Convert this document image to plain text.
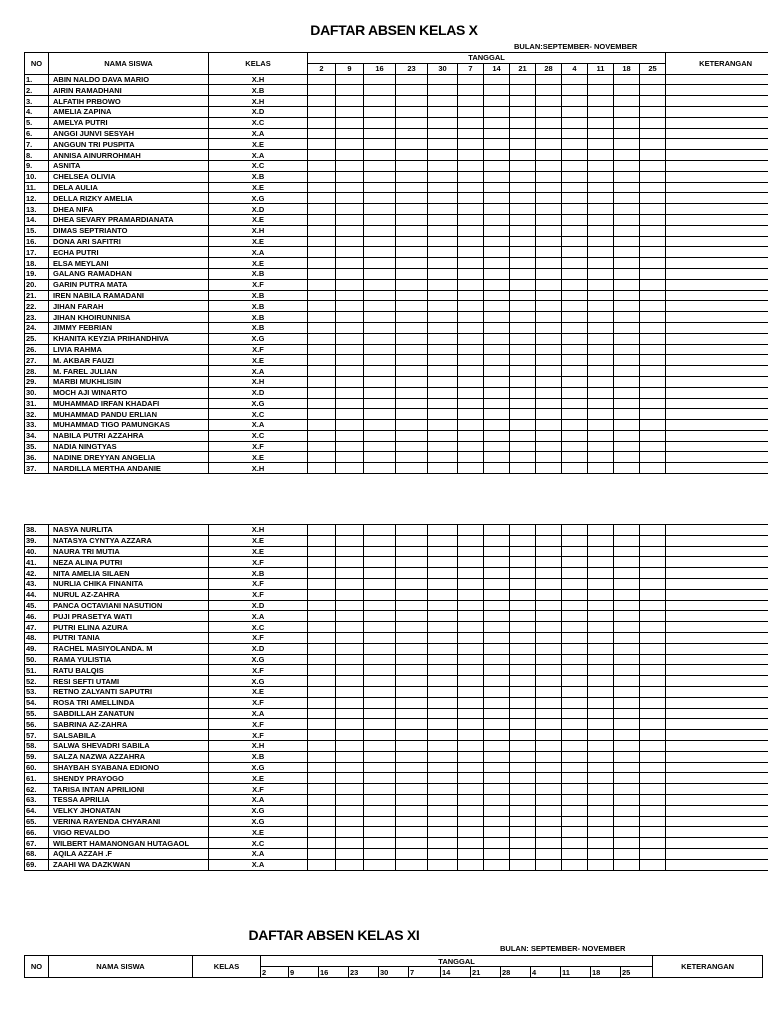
DAFTAR ABSEN KELAS X
BULAN:SEPTEMBER- NOVEMBER
NO	NAMA SISWA	KELAS	TANGGAL													KETERANGAN
			2	9	16	23	30	7	14	21	28	4	11	18	25	
1.	ABIN NALDO DAVA MARIO	X.H														
2.	AIRIN RAMADHANI	X.B														
3.	ALFATIH PRBOWO	X.H														
4.	AMELIA ZAPINA	X.D														
5.	AMELYA PUTRI	X.C														
6.	ANGGI JUNVI SESYAH	X.A														
7.	ANGGUN TRI PUSPITA	X.E														
8.	ANNISA AINURROHMAH	X.A														
9.	ASNITA	X.C														
10.	CHELSEA OLIVIA	X.B														
11.	DELA AULIA	X.E														
12.	DELLA RIZKY AMELIA	X.G														
13.	DHEA NIFA	X.D														
14.	DHEA SEVARY PRAMARDIANATA	X.E														
15.	DIMAS SEPTRIANTO	X.H														
16.	DONA ARI SAFITRI	X.E														
17.	ECHA PUTRI	X.A														
18.	ELSA MEYLANI	X.E														
19.	GALANG RAMADHAN	X.B														
20.	GARIN PUTRA MATA	X.F														
21.	IREN NABILA RAMADANI	X.B														
22.	JIHAN FARAH	X.B														
23.	JIHAN KHOIRUNNISA	X.B														
24.	JIMMY FEBRIAN	X.B														
25.	KHANITA KEYZIA PRIHANDHIVA	X.G														
26.	LIVIA RAHMA	X.F														
27.	M. AKBAR FAUZI	X.E														
28.	M. FAREL JULIAN	X.A														
29.	MARBI MUKHLISIN	X.H														
30.	MOCH AJI WINARTO	X.D														
31.	MUHAMMAD IRFAN KHADAFI	X.G														
32.	MUHAMMAD PANDU ERLIAN	X.C														
33.	MUHAMMAD TIGO PAMUNGKAS	X.A														
34.	NABILA PUTRI AZZAHRA	X.C														
35.	NADIA NINGTYAS	X.F														
36.	NADINE DREYYAN ANGELIA	X.E														
37.	NARDILLA MERTHA ANDANIE	X.H														
38.	NASYA NURLITA	X.H														
39.	NATASYA CYNTYA AZZARA	X.E														
40.	NAURA TRI MUTIA	X.E														
41.	NEZA ALINA PUTRI	X.F														
42.	NITA AMELIA SILAEN	X.B														
43.	NURLIA CHIKA FINANITA	X.F														
44.	NURUL AZ-ZAHRA	X.F														
45.	PANCA OCTAVIANI NASUTION	X.D														
46.	PUJI PRASETYA WATI	X.A														
47.	PUTRI ELINA AZURA	X.C														
48.	PUTRI TANIA	X.F														
49.	RACHEL MASIYOLANDA. M	X.D														
50.	RAMA YULISTIA	X.G														
51.	RATU BALQIS	X.F														
52.	RESI SEFTI UTAMI	X.G														
53.	RETNO ZALYANTI SAPUTRI	X.E														
54.	ROSA TRI AMELLINDA	X.F														
55.	SABDILLAH ZANATUN	X.A														
56.	SABRINA AZ-ZAHRA	X.F														
57.	SALSABILA	X.F														
58.	SALWA SHEVADRI SABILA	X.H														
59.	SALZA NAZWA AZZAHRA	X.B														
60.	SHAYBAH SYABANA EDIONO	X.G														
61.	SHENDY PRAYOGO	X.E														
62.	TARISA INTAN APRILIONI	X.F														
63.	TESSA APRILIA	X.A														
64.	VELKY JHONATAN	X.G														
65.	VERINA RAYENDA CHYARANI	X.G														
66.	VIGO REVALDO	X.E														
67.	WILBERT HAMANONGAN HUTAGAOL	X.C														
68.	AQILA AZZAH .F	X.A														
69.	ZAAHI WA DAZKWAN	X.A														
DAFTAR ABSEN KELAS XI
BULAN: SEPTEMBER- NOVEMBER
NO	NAMA SISWA	KELAS	TANGGAL													KETERANGAN
			2	9	16	23	30	7	14	21	28	4	11	18	25	
